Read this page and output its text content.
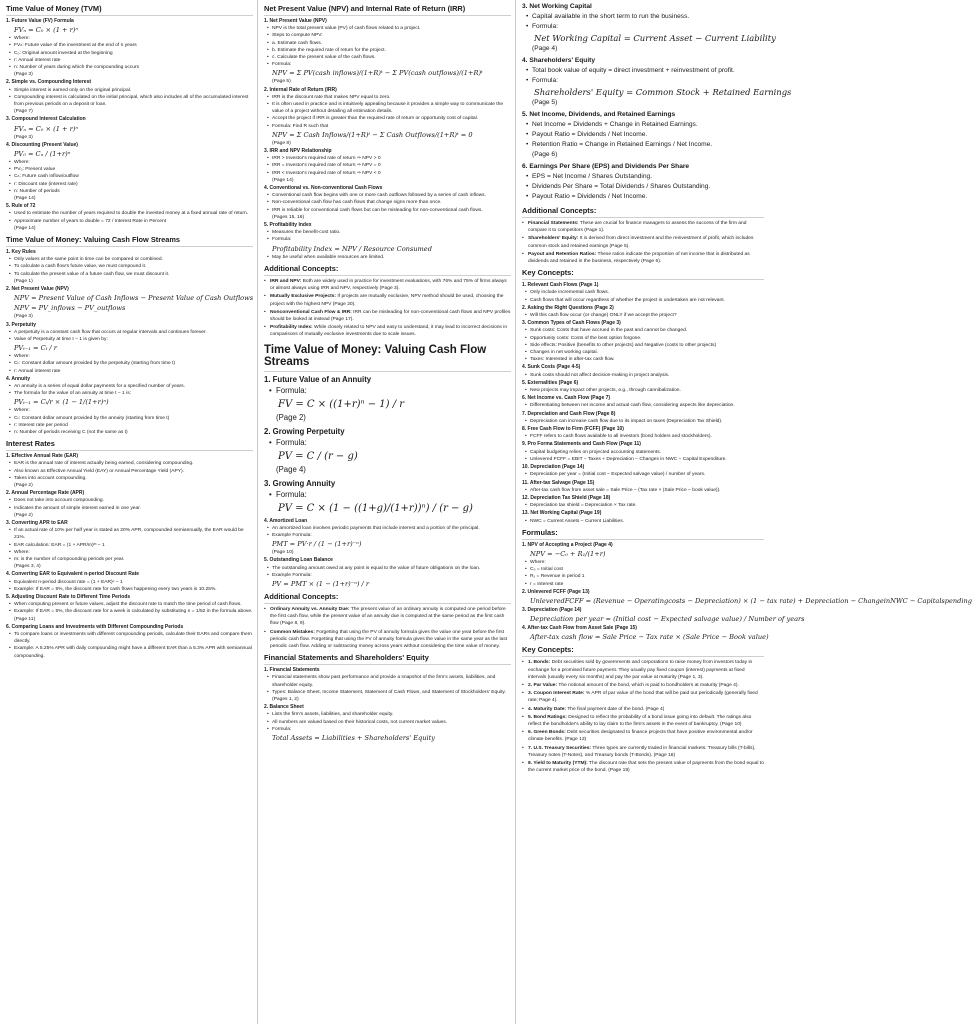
Time Value of Money (TVM)
1. Future Value (FV) Formula
FVₙ = C₀ × (1 + r)ⁿ
• Where:
• FVₙ: Future value of the investment at the end of n years
• C₀: Original amount invested at the beginning
• r: Annual interest rate
• n: Number of years during which the compounding occurs
(Page 3)
2. Simple vs. Compounding Interest
• Simple interest is earned only on the original principal.
• Compounding interest is calculated on the initial principal, which also includes all of the accumulated interest from previous periods on a deposit or loan.
(Page 7)
3. Compound Interest Calculation
FVₙ = C₀ × (1 + r)ⁿ
(Page 3)
4. Discounting (Present Value)
PV₀ = Cₙ / (1+r)ⁿ
• Where:
• PV₀: Present value
• Cₙ: Future cash inflow/outflow
• r: Discount rate (interest rate)
• n: Number of periods
(Page 14)
5. Rule of 72
• Used to estimate the number of years required to double the invested money at a fixed annual rate of return.
• Approximate number of years to double = 72 / Interest Rate in Percent
(Page 14)
Time Value of Money: Valuing Cash Flow Streams
1. Key Rules
• Only values at the same point in time can be compared or combined.
• To calculate a cash flow's future value, we must compound it.
• To calculate the present value of a future cash flow, we must discount it.
(Page 1)
2. Net Present Value (NPV)
NPV = Present Value of Cash Inflows − Present Value of Cash Outflows
NPV = PV_inflows − PV_outflows
(Page 3)
3. Perpetuity
• A perpetuity is a constant cash flow that occurs at regular intervals and continues forever.
• Value of Perpetuity at time t − 1 is given by:
PVₜ₋₁ = Cₜ / r
• Where:
• Cₜ: Constant dollar amount provided by the perpetuity (starting from time t)
• r: Annual interest rate
4. Annuity
• An annuity is a series of equal dollar payments for a specified number of years.
• The formula for the value of an annuity at time t − 1 is:
PVₜ₋₁ = Cₜ/r × (1 − 1/(1+r)ⁿ)
• Where:
• Cₜ: Constant dollar amount provided by the annuity (starting from time t)
• r: Interest rate per period
• n: Number of periods receiving C (not the same as t)
Interest Rates
1. Effective Annual Rate (EAR)
• EAR is the annual rate of interest actually being earned, considering compounding.
• Also known as Effective Annual Yield (EAY) or Annual Percentage Yield (APY).
• Takes into account compounding.
(Page 2)
2. Annual Percentage Rate (APR)
• Does not take into account compounding.
• Indicates the amount of simple interest earned in one year.
(Page 2)
3. Converting APR to EAR
• If an actual rate of 10% per half year is stated as 20% APR, compounded semiannually, the EAR would be 21%.
• EAR calculation: EAR = (1 + APR/m)ᵐ − 1
• Where:
• m: is the number of compounding periods per year.
(Pages 3, 4)
4. Converting EAR to Equivalent n-period Discount Rate
• Equivalent n-period discount rate = (1 + EAR)ⁿ − 1
• Example: If EAR = 5%, the discount rate for cash flows happening every two years is 10.25%.
5. Adjusting Discount Rate to Different Time Periods
• When computing present or future values, adjust the discount rate to match the time period of cash flows.
• Example: If EAR = 5%, the discount rate for a week is calculated by substituting n = 1/52 in the formula above.
(Page 11)
6. Comparing Loans and Investments with Different Compounding Periods
• To compare loans or investments with different compounding periods, calculate their EARs and compare them directly.
• Example: A 5.25% APR with daily compounding might have a different EAR than a 5.3% APR with semiannual compounding.
Net Present Value (NPV) and Internal Rate of Return (IRR)
1. Net Present Value (NPV)
• NPV is the total present value (PV) of cash flows related to a project.
• Steps to compute NPV:
• a. Estimate cash flows.
• b. Estimate the required rate of return for the project.
• c. Calculate the present value of the cash flows.
• Formula:
NPV = Σ PV(cash inflows)/(1+R)ᵗ − Σ PV(cash outflows)/(1+R)ᵗ
(Page 5)
2. Internal Rate of Return (IRR)
• IRR is the discount rate that makes NPV equal to zero.
• It is often used in practice and is intuitively appealing because it provides a simple way to communicate the value of a project without detailing all estimation details.
• Accept the project if IRR is greater than the required rate of return or opportunity cost of capital.
• Formula: Find R such that
NPV = Σ Cash Inflows/(1+R)ᵗ − Σ Cash Outflows/(1+R)ᵗ = 0
(Page 8)
3. IRR and NPV Relationship
• IRR > Investor's required rate of return ⇒ NPV > 0
• IRR = Investor's required rate of return ⇒ NPV = 0
• IRR < Investor's required rate of return ⇒ NPV < 0
(Page 14)
4. Conventional vs. Non-conventional Cash Flows
• Conventional cash flow begins with one or more cash outflows followed by a series of cash inflows.
• Non-conventional cash flow has cash flows that change signs more than once.
• IRR is reliable for conventional cash flows but can be misleading for non-conventional cash flows.
(Pages 15, 16)
5. Profitability Index
• Measures the benefit-cost ratio.
• Formula:
Profitability Index = NPV / Resource Consumed
• May be useful when available resources are limited.
Additional Concepts:
• IRR and NPV: Both are widely used in practice for investment evaluations, with 76% and 75% of firms always or almost always using IRR and NPV, respectively (Page 3).
• Mutually Exclusive Projects: If projects are mutually exclusive, NPV method should be used, choosing the project with the highest NPV (Page 20).
• Nonconventional Cash Flow & IRR: IRR can be misleading for non-conventional cash flows and NPV profiles should be looked at instead (Page 17).
• Profitability Index: While closely related to NPV and easy to understand, it may lead to incorrect decisions in comparisons of mutually exclusive investments due to scale issues.
Time Value of Money: Valuing Cash Flow Streams
1. Future Value of an Annuity
• Formula:
FV = C × ((1+r)ⁿ − 1) / r
(Page 2)
2. Growing Perpetuity
• Formula:
PV = C / (r − g)
(Page 4)
3. Growing Annuity
• Formula:
PV = C × (1 − ((1+g)/(1+r))ⁿ) / (r − g)
4. Amortized Loan
• An amortized loan involves periodic payments that include interest and a portion of the principal.
• Example Formula:
PMT = PV·r / (1 − (1+r)⁻ⁿ)
(Page 10)
5. Outstanding Loan Balance
• The outstanding amount owed at any point is equal to the value of future obligations on the loan.
• Example Formula:
PV = PMT × (1 − (1+r)⁻ⁿ) / r
Additional Concepts:
• Ordinary Annuity vs. Annuity Due: The present value of an ordinary annuity is computed one period before the first cash flow, while the present value of an annuity due is computed at the same period as the first cash flow (Page 8, 9).
• Common Mistakes: Forgetting that using the PV of annuity formula gives the value one year before the first periodic cash flow. Forgetting that using the FV of annuity formula gives the value in the same year as the last periodic cash flow. Adding or subtracting money across years without considering the time value of money.
Financial Statements and Shareholders' Equity
1. Financial Statements
• Financial statements show past performance and provide a snapshot of the firm's assets, liabilities, and shareholder equity.
• Types: Balance Sheet, Income Statement, Statement of Cash Flows, and Statement of Stockholders' Equity.
(Pages 1, 2)
2. Balance Sheet
• Lists the firm's assets, liabilities, and shareholder equity.
• All numbers are valued based on their historical costs, not current market values.
• Formula:
Total Assets = Liabilities + Shareholders' Equity
3. Net Working Capital
• Capital available in the short term to run the business.
• Formula:
Net Working Capital = Current Asset − Current Liability
(Page 4)
4. Shareholders' Equity
• Total book value of equity = direct investment + reinvestment of profit.
• Formula:
Shareholders' Equity = Common Stock + Retained Earnings
(Page 5)
5. Net Income, Dividends, and Retained Earnings
• Net Income = Dividends + Change in Retained Earnings.
• Payout Ratio = Dividends / Net Income.
• Retention Ratio = Change in Retained Earnings / Net Income.
(Page 6)
6. Earnings Per Share (EPS) and Dividends Per Share
• EPS = Net Income / Shares Outstanding.
• Dividends Per Share = Total Dividends / Shares Outstanding.
• Payout Ratio = Dividends / Net Income.
Additional Concepts:
• Financial Statements: These are crucial for finance managers to assess the success of the firm and compare it to competitors (Page 1).
• Shareholders' Equity: It is derived from direct investment and the reinvestment of profit, which includes common stock and retained earnings (Page 5).
• Payout and Retention Ratios: These ratios indicate the proportion of net income that is distributed as dividends and retained in the business, respectively (Page 6).
Key Concepts:
1. Relevant Cash Flows (Page 1)
• Only include incremental cash flows.
• Cash flows that will occur regardless of whether the project is undertaken are not relevant.
2. Asking the Right Questions (Page 2)
• Will this cash flow occur (or change) ONLY if we accept the project?
3. Common Types of Cash Flows (Page 3)
• Sunk costs: Costs that have accrued in the past and cannot be changed.
• Opportunity costs: Costs of the best option forgone.
• Side effects: Positive (benefits to other projects) and Negative (costs to other projects)
• Changes in net working capital.
• Taxes: Interested in after-tax cash flow.
4. Sunk Costs (Page 4-5)
• Sunk costs should not affect decision-making in project analysis.
5. Externalities (Page 6)
• New projects may impact other projects, e.g., through cannibalization.
6. Net Income vs. Cash Flow (Page 7)
• Differentiating between net income and actual cash flow, considering aspects like depreciation.
7. Depreciation and Cash Flow (Page 8)
• Depreciation can increase cash flow due to its impact on taxes (Depreciation Tax Shield).
8. Free Cash Flow to Firm (FCFF) (Page 10)
• FCFF refers to cash flows available to all investors (bond holders and stockholders).
9. Pro Forma Statements and Cash Flow (Page 11)
• Capital budgeting relies on projected accounting statements.
• Unlevered FCFF = EBIT − Taxes + Depreciation − Changes in NWC − Capital Expenditure.
10. Depreciation (Page 14)
• Depreciation per year = (Initial cost − Expected salvage value) / number of years.
11. After-tax Salvage (Page 15)
• After-tax cash flow from asset sale = Sale Price − (Tax rate × (Sale Price − book value)).
12. Depreciation Tax Shield (Page 18)
• Depreciation tax shield = Depreciation × Tax rate.
13. Net Working Capital (Page 19)
• NWC = Current Assets − Current Liabilities.
Formulas:
1. NPV of Accepting a Project (Page 4)
NPV = −C₀ + R₁/(1+r)
• Where:
• C₀ = Initial cost
• R₁ = Revenue in period 1
• r = Interest rate
2. Unlevered FCFF (Page 13)
UnleveredFCFF = (Revenue − Operatingcosts − Depreciation) × (1 − tax rate) + Depreciation − ChangeinNWC − Capitalspending
3. Depreciation (Page 14)
Depreciation per year = (Initial cost − Expected salvage value) / Number of years
4. After-tax Cash Flow from Asset Sale (Page 15)
After-tax cash flow = Sale Price − Tax rate × (Sale Price − Book value)
Key Concepts:
• 1. Bonds: Debt securities sold by governments and corporations to raise money from investors today in exchange for a promised future payment. They usually pay fixed coupon (interest) payments at fixed intervals (usually every six months) and pay the par value at maturity (Page 1, 3).
• 2. Par Value: The notional amount of the bond, which is paid to bondholders at maturity (Page 4).
• 3. Coupon Interest Rate: % APR of par value of the bond that will be paid out periodically (generally fixed rate; Page 4).
• 4. Maturity Date: The final payment date of the bond. (Page 4)
• 5. Bond Ratings: Designed to reflect the probability of a bond issue going into default. The ratings also reflect the bondholder's ability to lay claim to the firm's assets in the event of bankruptcy. (Page 10)
• 6. Green Bonds: Debt securities designated to finance projects that have positive environmental and/or climate benefits. (Page 13)
• 7. U.S. Treasury Securities: Three types are currently traded in financial markets: Treasury bills (T-bills), Treasury notes (T-Notes), and Treasury bonds (T-Bonds). (Page 16)
• 8. Yield to Maturity (YTM): The discount rate that sets the present value of payments from the bond equal to the current market price of the bond. (Page 19)
